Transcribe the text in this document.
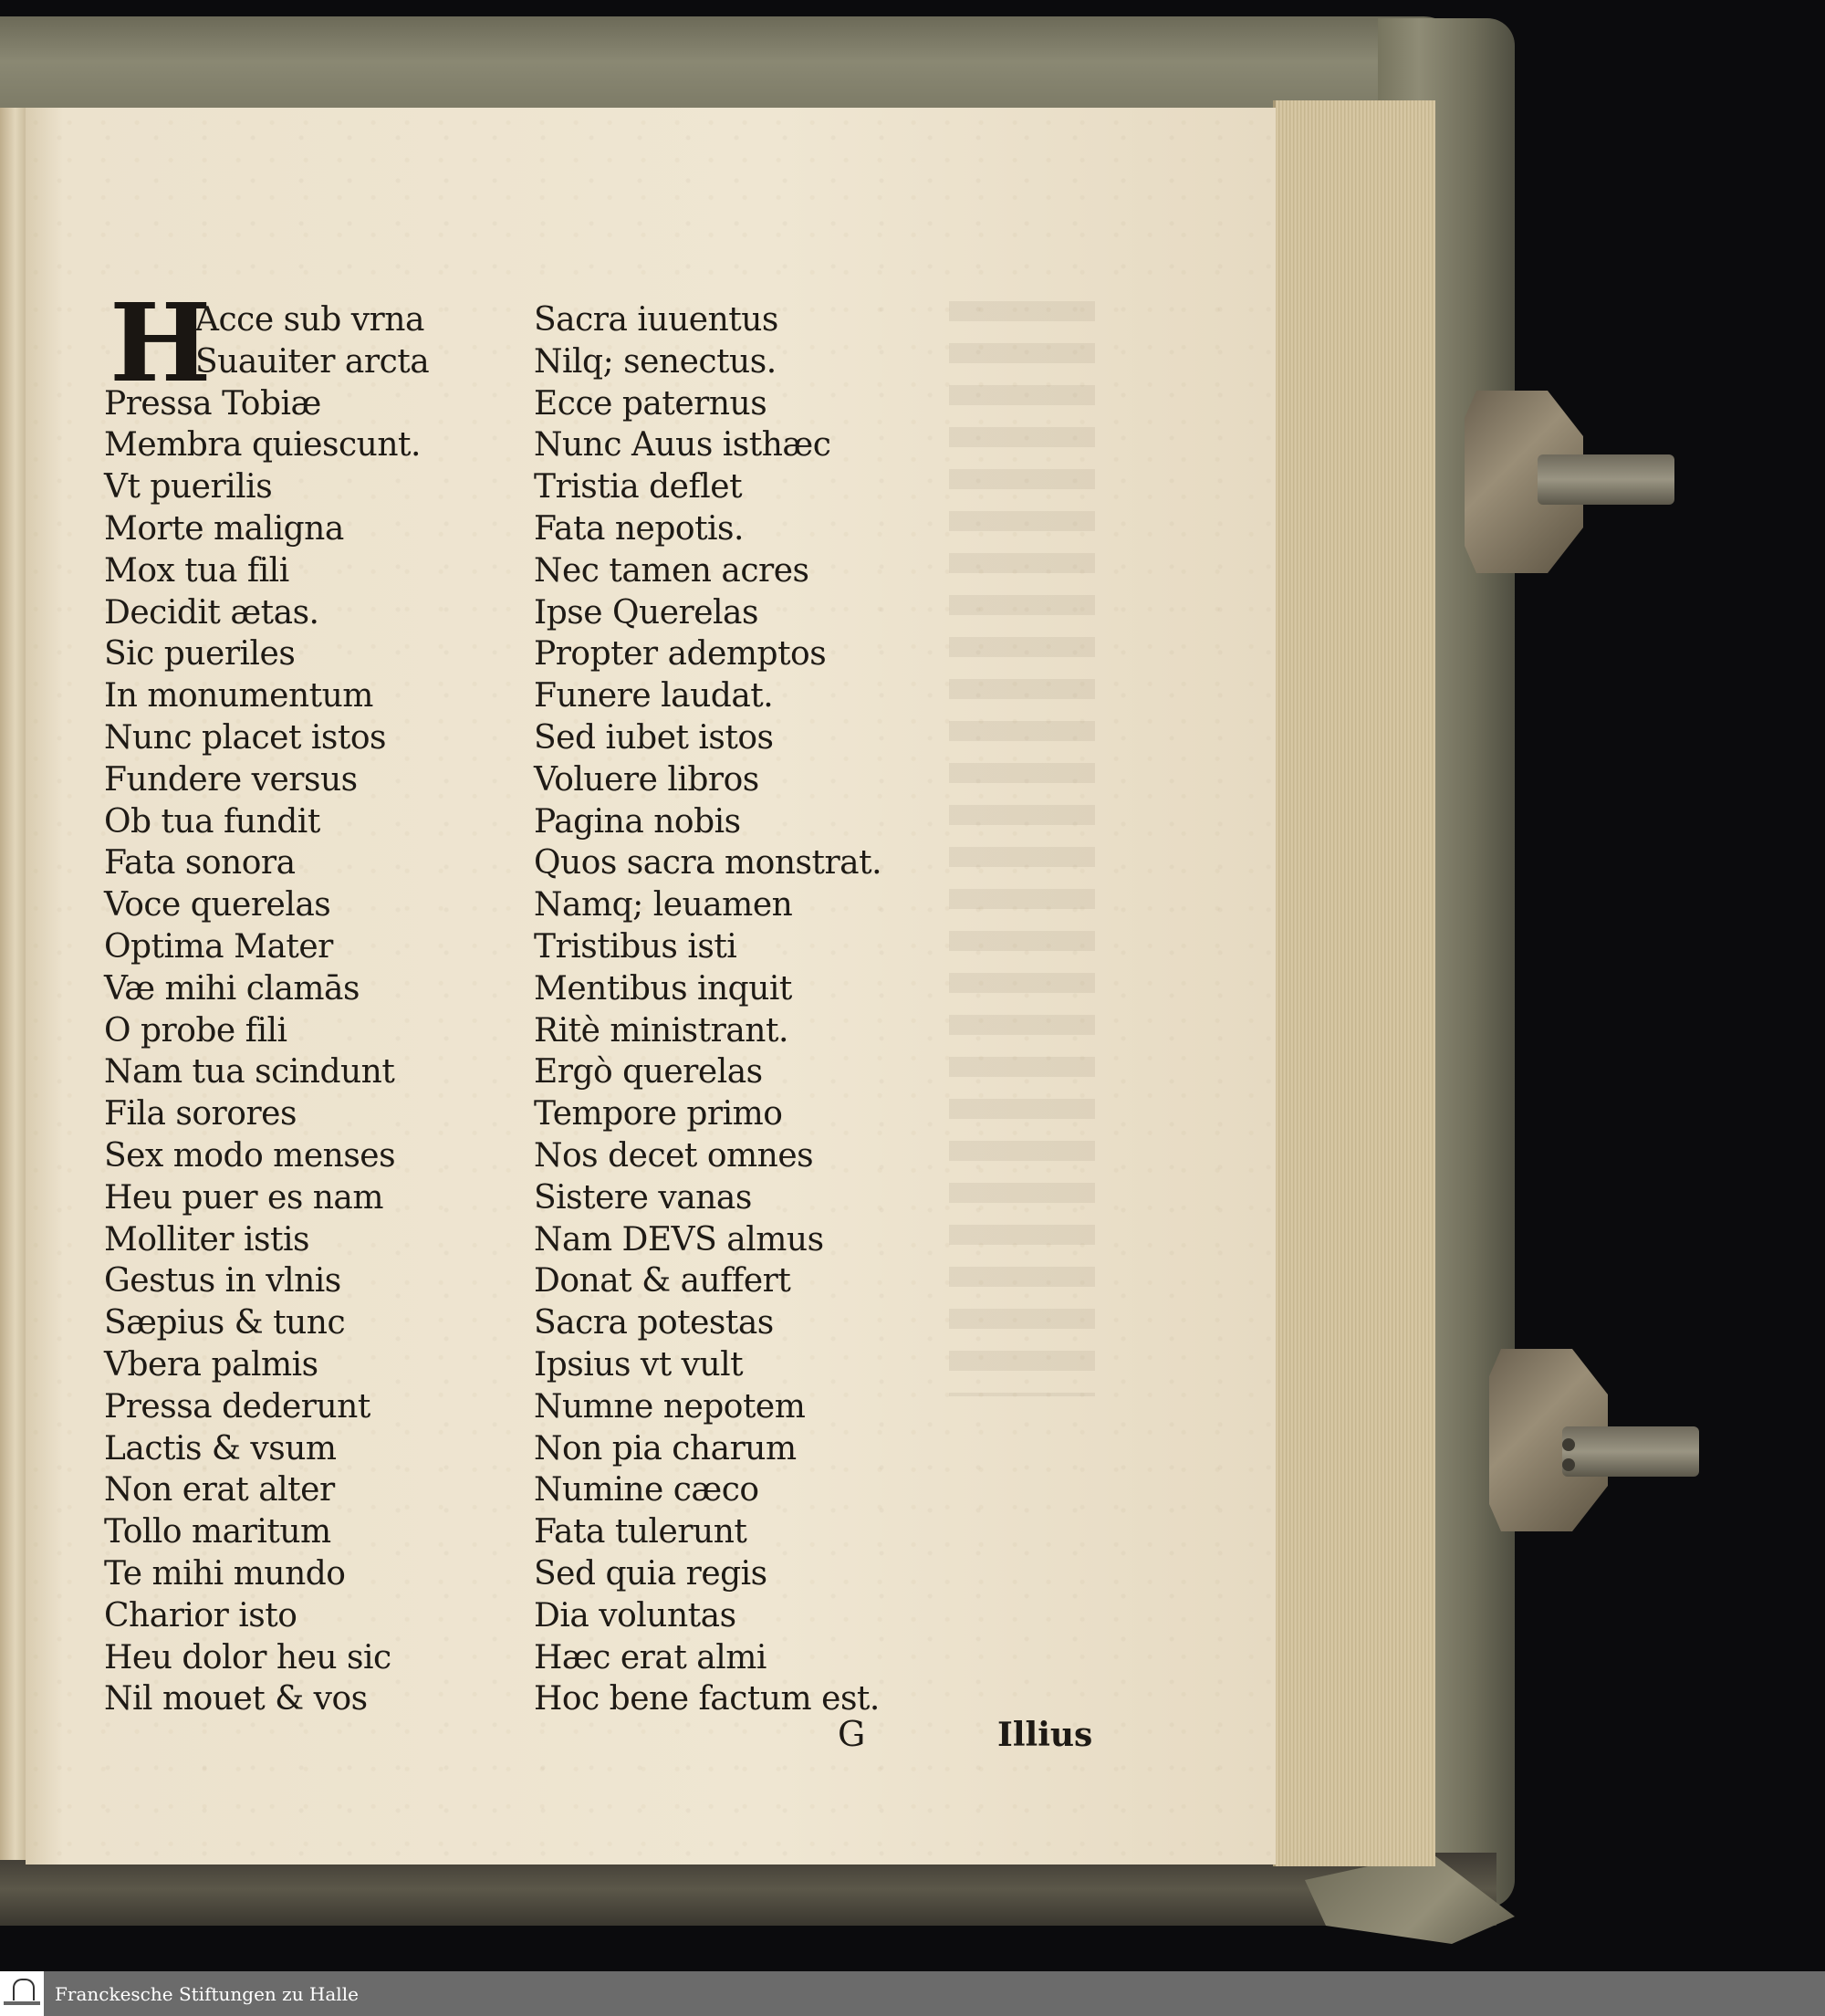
H
Acce sub vrna
Suauiter arcta
Pressa Tobiæ
Membra quiescunt.
Vt puerilis
Morte maligna
Mox tua fili
Decidit ætas.
Sic pueriles
In monumentum
Nunc placet istos
Fundere versus
Ob tua fundit
Fata sonora
Voce querelas
Optima Mater
Væ mihi clamās
O probe fili
Nam tua scindunt
Fila sorores
Sex modo menses
Heu puer es nam
Molliter istis
Gestus in vlnis
Sæpius & tunc
Vbera palmis
Pressa dederunt
Lactis & vsum
Non erat alter
Tollo maritum
Te mihi mundo
Charior isto
Heu dolor heu sic
Nil mouet & vos
Sacra iuuentus
Nilq; senectus.
Ecce paternus
Nunc Auus isthæc
Tristia deflet
Fata nepotis.
Nec tamen acres
Ipse Querelas
Propter ademptos
Funere laudat.
Sed iubet istos
Voluere libros
Pagina nobis
Quos sacra monstrat.
Namq; leuamen
Tristibus isti
Mentibus inquit
Ritè ministrant.
Ergò querelas
Tempore primo
Nos decet omnes
Sistere vanas
Nam DEVS almus
Donat & auffert
Sacra potestas
Ipsius vt vult
Numne nepotem
Non pia charum
Numine cæco
Fata tulerunt
Sed quia regis
Dia voluntas
Hæc erat almi
Hoc bene factum est.
G	Illius
Franckesche Stiftungen zu Halle
